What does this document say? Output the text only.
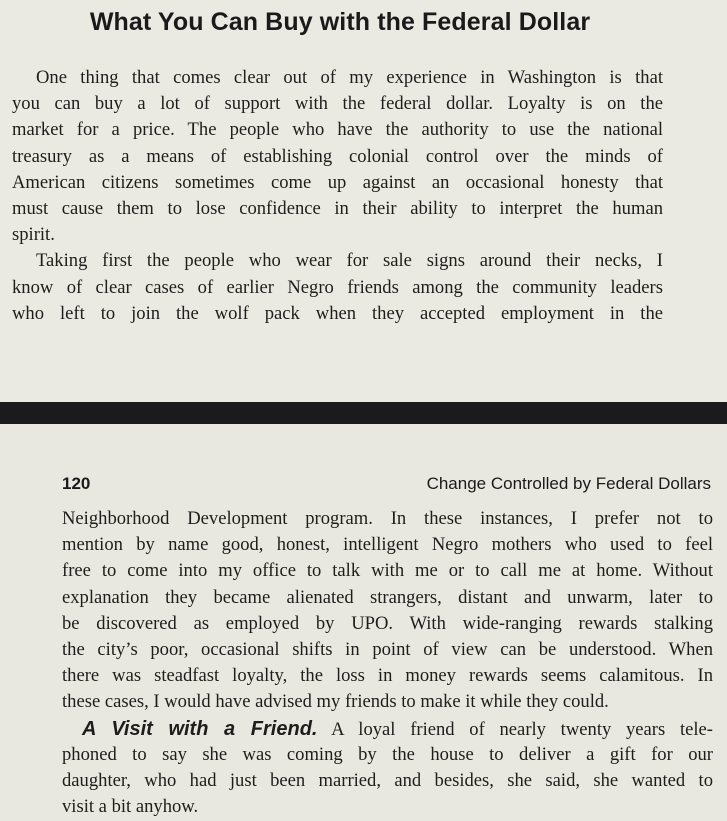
What You Can Buy with the Federal Dollar
One thing that comes clear out of my experience in Washington is that
you can buy a lot of support with the federal dollar. Loyalty is on the
market for a price. The people who have the authority to use the national
treasury as a means of establishing colonial control over the minds of
American citizens sometimes come up against an occasional honesty that
must cause them to lose confidence in their ability to interpret the human
spirit.
Taking first the people who wear for sale signs around their necks, I
know of clear cases of earlier Negro friends among the community leaders
who left to join the wolf pack when they accepted employment in the
120	Change Controlled by Federal Dollars
Neighborhood Development program. In these instances, I prefer not to
mention by name good, honest, intelligent Negro mothers who used to feel
free to come into my office to talk with me or to call me at home. Without
explanation they became alienated strangers, distant and unwarm, later to
be discovered as employed by UPO. With wide-ranging rewards stalking
the city’s poor, occasional shifts in point of view can be understood. When
there was steadfast loyalty, the loss in money rewards seems calamitous. In
these cases, I would have advised my friends to make it while they could.
A Visit with a Friend. A loyal friend of nearly twenty years tele-
phoned to say she was coming by the house to deliver a gift for our
daughter, who had just been married, and besides, she said, she wanted to
visit a bit anyhow.
